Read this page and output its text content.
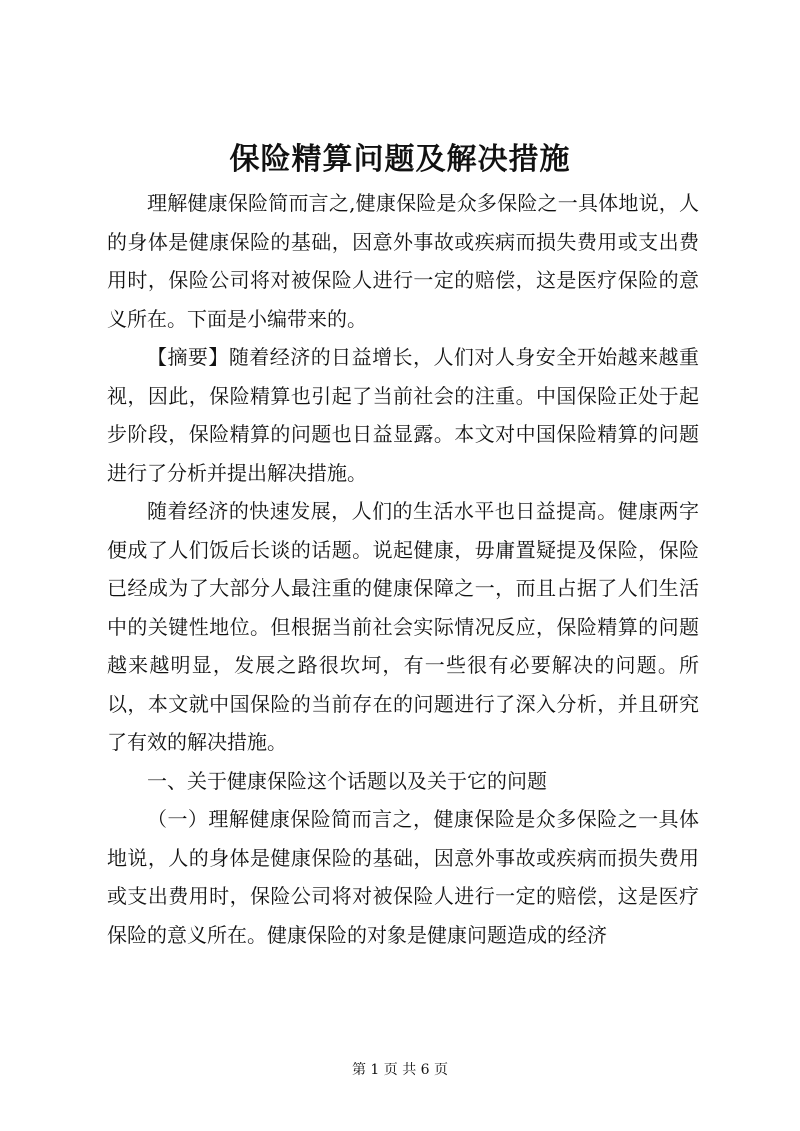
保险精算问题及解决措施

理解健康保险简而言之,健康保险是众多保险之一具体地说，人的身体是健康保险的基础，因意外事故或疾病而损失费用或支出费用时，保险公司将对被保险人进行一定的赔偿，这是医疗保险的意义所在。下面是小编带来的。

【摘要】随着经济的日益增长，人们对人身安全开始越来越重视，因此，保险精算也引起了当前社会的注重。中国保险正处于起步阶段，保险精算的问题也日益显露。本文对中国保险精算的问题进行了分析并提出解决措施。

随着经济的快速发展，人们的生活水平也日益提高。健康两字便成了人们饭后长谈的话题。说起健康，毋庸置疑提及保险，保险已经成为了大部分人最注重的健康保障之一，而且占据了人们生活中的关键性地位。但根据当前社会实际情况反应，保险精算的问题越来越明显，发展之路很坎坷，有一些很有必要解决的问题。所以，本文就中国保险的当前存在的问题进行了深入分析，并且研究了有效的解决措施。

一、关于健康保险这个话题以及关于它的问题

（一）理解健康保险简而言之，健康保险是众多保险之一具体地说，人的身体是健康保险的基础，因意外事故或疾病而损失费用或支出费用时，保险公司将对被保险人进行一定的赔偿，这是医疗保险的意义所在。健康保险的对象是健康问题造成的经济

第 1 页 共 6 页
